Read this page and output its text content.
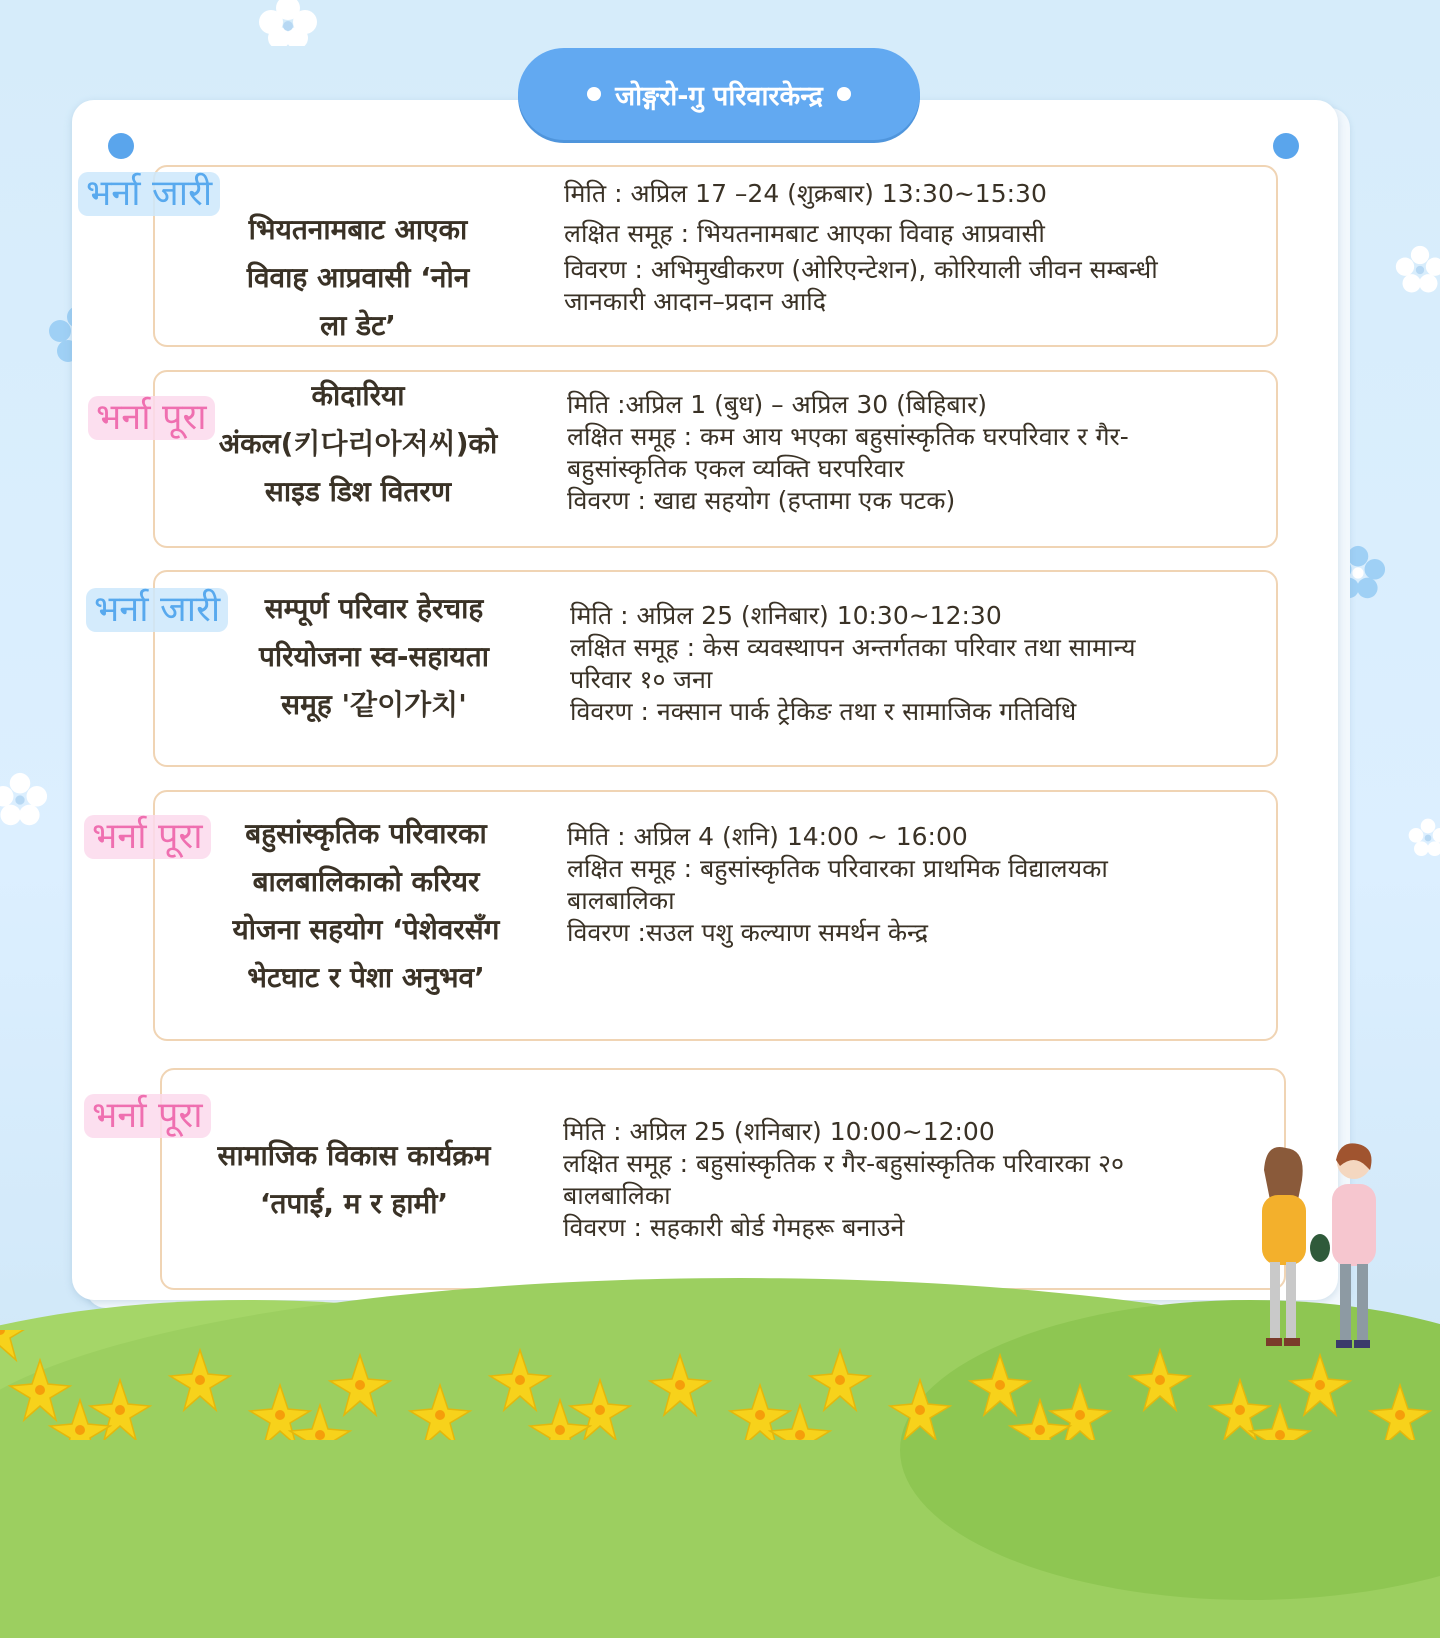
जोङ्गरो-गु परिवारकेन्द्र
भर्ना जारी
भियतनामबाट आएका
विवाह आप्रवासी ‘नोन
ला डेट’
मिति : अप्रिल 17 –24 (शुक्रबार) 13:30~15:30
लक्षित समूह : भियतनामबाट आएका विवाह आप्रवासी
विवरण : अभिमुखीकरण (ओरिएन्टेशन), कोरियाली जीवन सम्बन्धी
जानकारी आदान–प्रदान आदि
भर्ना पूरा
कीदारिया
अंकल(키다리아저씨)को
साइड डिश वितरण
मिति :अप्रिल 1 (बुध) – अप्रिल 30 (बिहिबार)
लक्षित समूह : कम आय भएका बहुसांस्कृतिक घरपरिवार र गैर-
बहुसांस्कृतिक एकल व्यक्ति घरपरिवार
विवरण : खाद्य सहयोग (हप्तामा एक पटक)
भर्ना जारी	सम्पूर्ण परिवार हेरचाह
परियोजना स्व-सहायता
समूह '같이가치'
मिति : अप्रिल 25 (शनिबार) 10:30~12:30
लक्षित समूह : केस व्यवस्थापन अन्तर्गतका परिवार तथा सामान्य
परिवार १० जना
विवरण : नक्सान पार्क ट्रेकिङ तथा र सामाजिक गतिविधि
भर्ना पूरा	बहुसांस्कृतिक परिवारका
बालबालिकाको करियर
योजना सहयोग ‘पेशेवरसँग
भेटघाट र पेशा अनुभव’
मिति : अप्रिल 4 (शनि) 14:00 ~ 16:00
लक्षित समूह : बहुसांस्कृतिक परिवारका प्राथमिक विद्यालयका
बालबालिका
विवरण :सउल पशु कल्याण समर्थन केन्द्र
भर्ना पूरा
सामाजिक विकास कार्यक्रम
‘तपाईं, म र हामी’
मिति : अप्रिल 25 (शनिबार) 10:00~12:00
लक्षित समूह : बहुसांस्कृतिक र गैर-बहुसांस्कृतिक परिवारका २०
बालबालिका
विवरण : सहकारी बोर्ड गेमहरू बनाउने
